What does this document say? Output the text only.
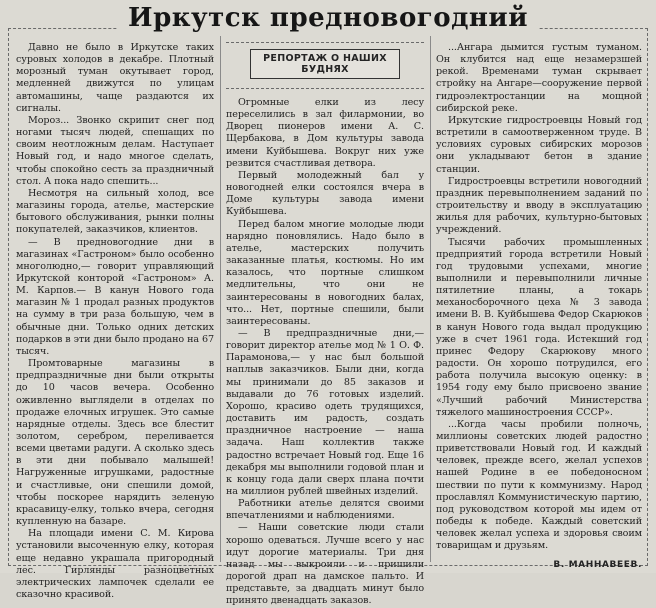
Иркутск предновогодний

Давно не было в Иркутске таких суровых холодов в декабре. Плотный морозный туман окутывает город, медленней движутся по улицам автомашины, чаще раздаются их сигналы.

Мороз... Звонко скрипит снег под ногами тысяч людей, спешащих по своим неотложным делам. Наступает Новый год, и надо многое сделать, чтобы спокойно сесть за праздничный стол. А пока надо спешить...

Несмотря на сильный холод, все магазины города, ателье, мастерские бытового обслуживания, рынки полны покупателей, заказчиков, клиентов.

— В предновогодние дни в магазинах «Гастроном» было особенно многолюдно,— говорит управляющий Иркутской конторой «Гастроном» А. М. Карпов.— В канун Нового года магазин № 1 продал разных продуктов на сумму в три раза большую, чем в обычные дни. Только одних детских подарков в эти дни было продано на 67 тысяч.

Промтоварные магазины в предпраздничные дни были открыты до 10 часов вечера. Особенно оживленно выглядели в отделах по продаже елочных игрушек. Это самые нарядные отделы. Здесь все блестит золотом, серебром, переливается всеми цветами радуги. А сколько здесь в эти дни побывало малышей! Нагруженные игрушками, радостные и счастливые, они спешили домой, чтобы поскорее нарядить зеленую красавицу-елку, только вчера, сегодня купленную на базаре.

На площади имени С. М. Кирова установили высоченную елку, которая еще недавно украшала пригородный лес. Гирлянды разноцветных электрических лампочек сделали ее сказочно красивой.

РЕПОРТАЖ О НАШИХ БУДНЯХ

Огромные елки из лесу переселились в зал филармонии, во Дворец пионеров имени А. С. Щербакова, в Дом культуры завода имени Куйбышева. Вокруг них уже резвится счастливая детвора.

Первый молодежный бал у новогодней елки состоялся вчера в Доме культуры завода имени Куйбышева.

Перед балом многие молодые люди нарядно поновлялись. Надо было в ателье, мастерских получить заказанные платья, костюмы. Но им казалось, что портные слишком медлительны, что они не заинтересованы в новогодних балах, что... Нет, портные спешили, были заинтересованы.

— В предпраздничные дни,— говорит директор ателье мод № 1 О. Ф. Парамонова,— у нас был большой наплыв заказчиков. Были дни, когда мы принимали до 85 заказов и выдавали до 76 готовых изделий. Хорошо, красиво одеть трудящихся, доставить им радость, создать праздничное настроение — наша задача. Наш коллектив также радостно встречает Новый год. Еще 16 декабря мы выполнили годовой план и к концу года дали сверх плана почти на миллион рублей швейных изделий.

Работники ателье делятся своими впечатлениями и наблюдениями.

— Наши советские люди стали хорошо одеваться. Лучше всего у нас идут дорогие материалы. Три дня назад мы выкроили и пришили дорогой драп на дамское пальто. И представьте, за двадцать минут было принято двенадцать заказов.

...Ангара дымится густым туманом. Он клубится над еще незамерзшей рекой. Временами туман скрывает стройку на Ангаре—сооружение первой гидроэлектростанции на мощной сибирской реке.

Иркутские гидростроевцы Новый год встретили в самоотверженном труде. В условиях суровых сибирских морозов они укладывают бетон в здание станции.

Гидростроевцы встретили новогодний праздник перевыполнением заданий по строительству и вводу в эксплуатацию жилья для рабочих, культурно-бытовых учреждений.

Тысячи рабочих промышленных предприятий города встретили Новый год трудовыми успехами, многие выполнили и перевыполнили личные пятилетние планы, а токарь механосборочного цеха № 3 завода имени В. В. Куйбышева Федор Скарюков в канун Нового года выдал продукцию уже в счет 1961 года. Истекший год принес Федору Скарюкову много радости. Он хорошо потрудился, его работа получила высокую оценку: в 1954 году ему было присвоено звание «Лучший рабочий Министерства тяжелого машиностроения СССР».

...Когда часы пробили полночь, миллионы советских людей радостно приветствовали Новый год. И каждый человек, прежде всего, желал успехов нашей Родине в ее победоносном шествии по пути к коммунизму. Народ прославлял Коммунистическую партию, под руководством которой мы идем от победы к победе. Каждый советский человек желал успеха и здоровья своим товарищам и друзьям.

В. МАННАВЕЕВ.
